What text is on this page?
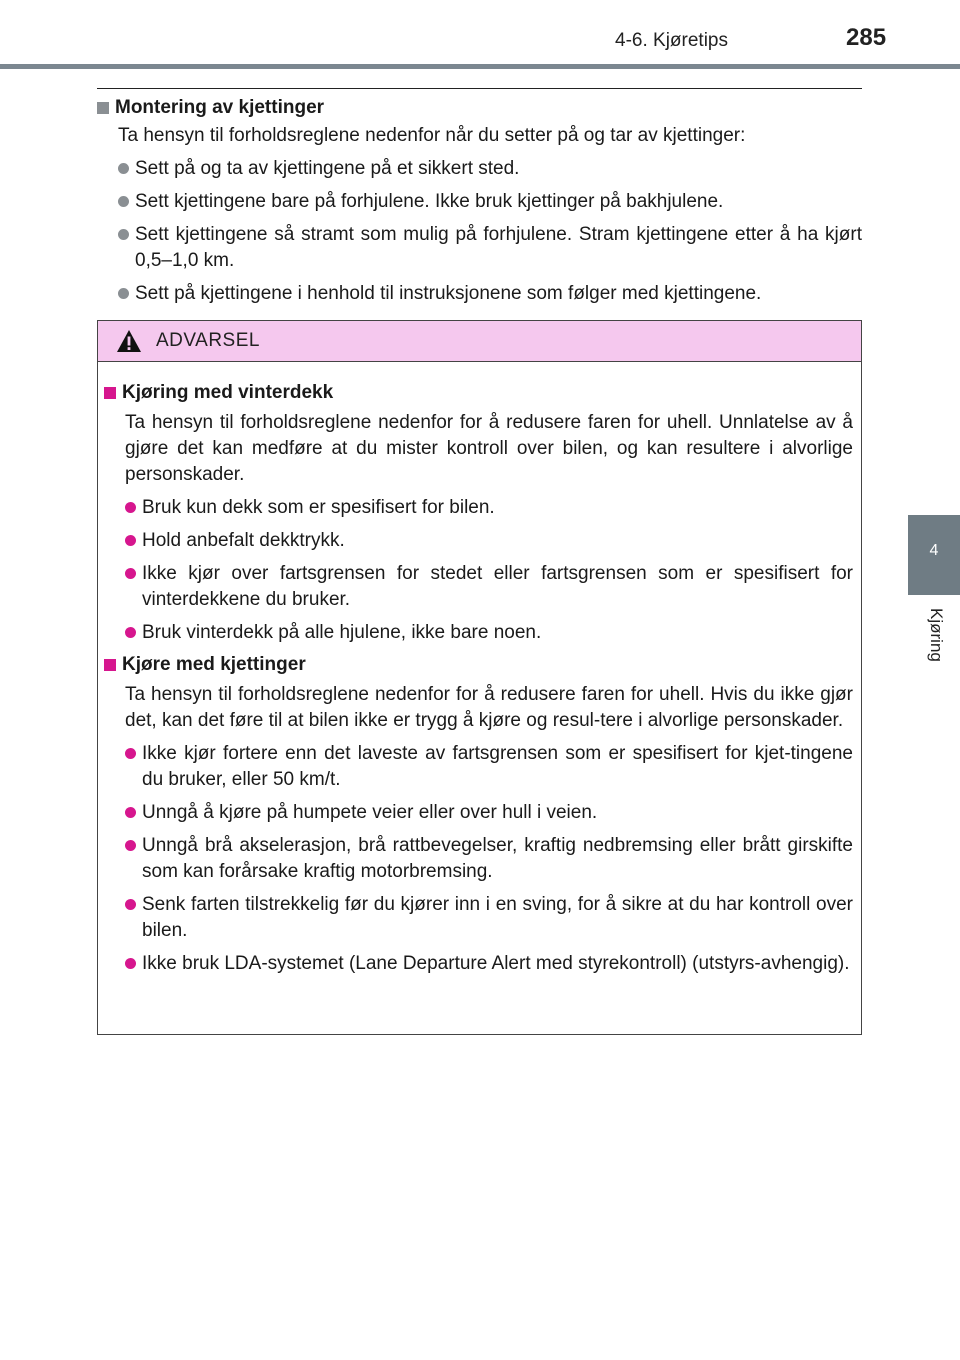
4-6. Kjøretips	285
4
Kjøring
Montering av kjettinger
Ta hensyn til forholdsreglene nedenfor når du setter på og tar av kjettinger:
Sett på og ta av kjettingene på et sikkert sted.
Sett kjettingene bare på forhjulene. Ikke bruk kjettinger på bakhjulene.
Sett kjettingene så stramt som mulig på forhjulene. Stram kjettingene etter å ha kjørt 0,5–1,0 km.
Sett på kjettingene i henhold til instruksjonene som følger med kjettingene.
ADVARSEL
Kjøring med vinterdekk
Ta hensyn til forholdsreglene nedenfor for å redusere faren for uhell. Unnlatelse av å gjøre det kan medføre at du mister kontroll over bilen, og kan resultere i alvorlige personskader.
Bruk kun dekk som er spesifisert for bilen.
Hold anbefalt dekktrykk.
Ikke kjør over fartsgrensen for stedet eller fartsgrensen som er spesifisert for vinterdekkene du bruker.
Bruk vinterdekk på alle hjulene, ikke bare noen.
Kjøre med kjettinger
Ta hensyn til forholdsreglene nedenfor for å redusere faren for uhell. Hvis du ikke gjør det, kan det føre til at bilen ikke er trygg å kjøre og resul-tere i alvorlige personskader.
Ikke kjør fortere enn det laveste av fartsgrensen som er spesifisert for kjet-tingene du bruker, eller 50 km/t.
Unngå å kjøre på humpete veier eller over hull i veien.
Unngå brå akselerasjon, brå rattbevegelser, kraftig nedbremsing eller brått girskifte som kan forårsake kraftig motorbremsing.
Senk farten tilstrekkelig før du kjører inn i en sving, for å sikre at du har kontroll over bilen.
Ikke bruk LDA-systemet (Lane Departure Alert med styrekontroll) (utstyrs-avhengig).
